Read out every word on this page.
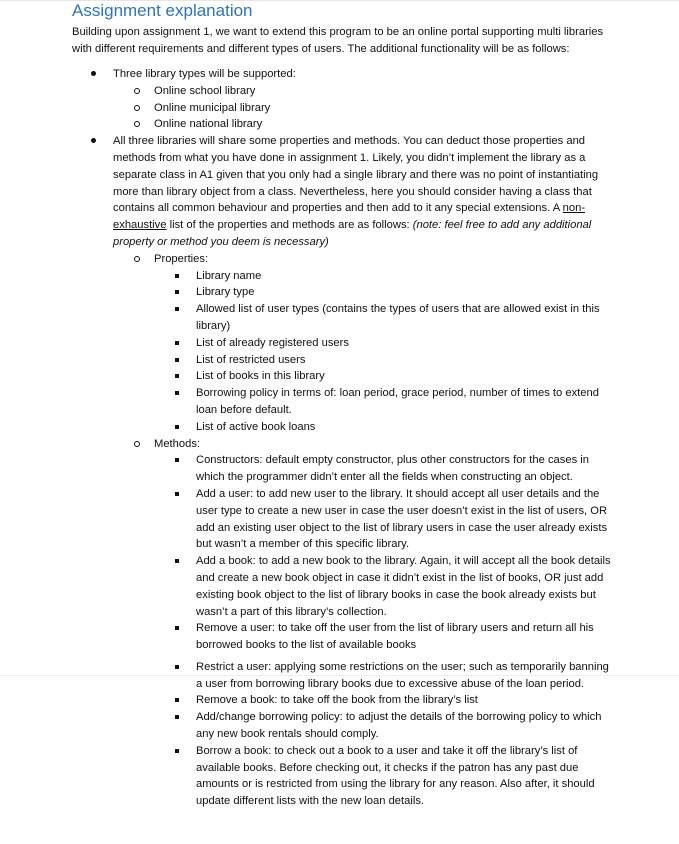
Assignment explanation

Building upon assignment 1, we want to extend this program to be an online portal supporting multi libraries with different requirements and different types of users. The additional functionality will be as follows:

Three library types will be supported:
Online school library
Online municipal library
Online national library
All three libraries will share some properties and methods. You can deduct those properties and methods from what you have done in assignment 1. Likely, you didn’t implement the library as a separate class in A1 given that you only had a single library and there was no point of instantiating more than library object from a class. Nevertheless, here you should consider having a class that contains all common behaviour and properties and then add to it any special extensions. A non-exhaustive list of the properties and methods are as follows: (note: feel free to add any additional property or method you deem is necessary)
Properties:
Library name
Library type
Allowed list of user types (contains the types of users that are allowed exist in this library)
List of already registered users
List of restricted users
List of books in this library
Borrowing policy in terms of: loan period, grace period, number of times to extend loan before default.
List of active book loans
Methods:
Constructors: default empty constructor, plus other constructors for the cases in which the programmer didn’t enter all the fields when constructing an object.
Add a user: to add new user to the library. It should accept all user details and the user type to create a new user in case the user doesn’t exist in the list of users, OR add an existing user object to the list of library users in case the user already exists but wasn’t a member of this specific library.
Add a book: to add a new book to the library. Again, it will accept all the book details and create a new book object in case it didn’t exist in the list of books, OR just add existing book object to the list of library books in case the book already exists but wasn’t a part of this library’s collection.
Remove a user: to take off the user from the list of library users and return all his borrowed books to the list of available books
Restrict a user: applying some restrictions on the user; such as temporarily banning a user from borrowing library books due to excessive abuse of the loan period.
Remove a book: to take off the book from the library’s list
Add/change borrowing policy: to adjust the details of the borrowing policy to which any new book rentals should comply.
Borrow a book: to check out a book to a user and take it off the library’s list of available books. Before checking out, it checks if the patron has any past due amounts or is restricted from using the library for any reason. Also after, it should update different lists with the new loan details.
